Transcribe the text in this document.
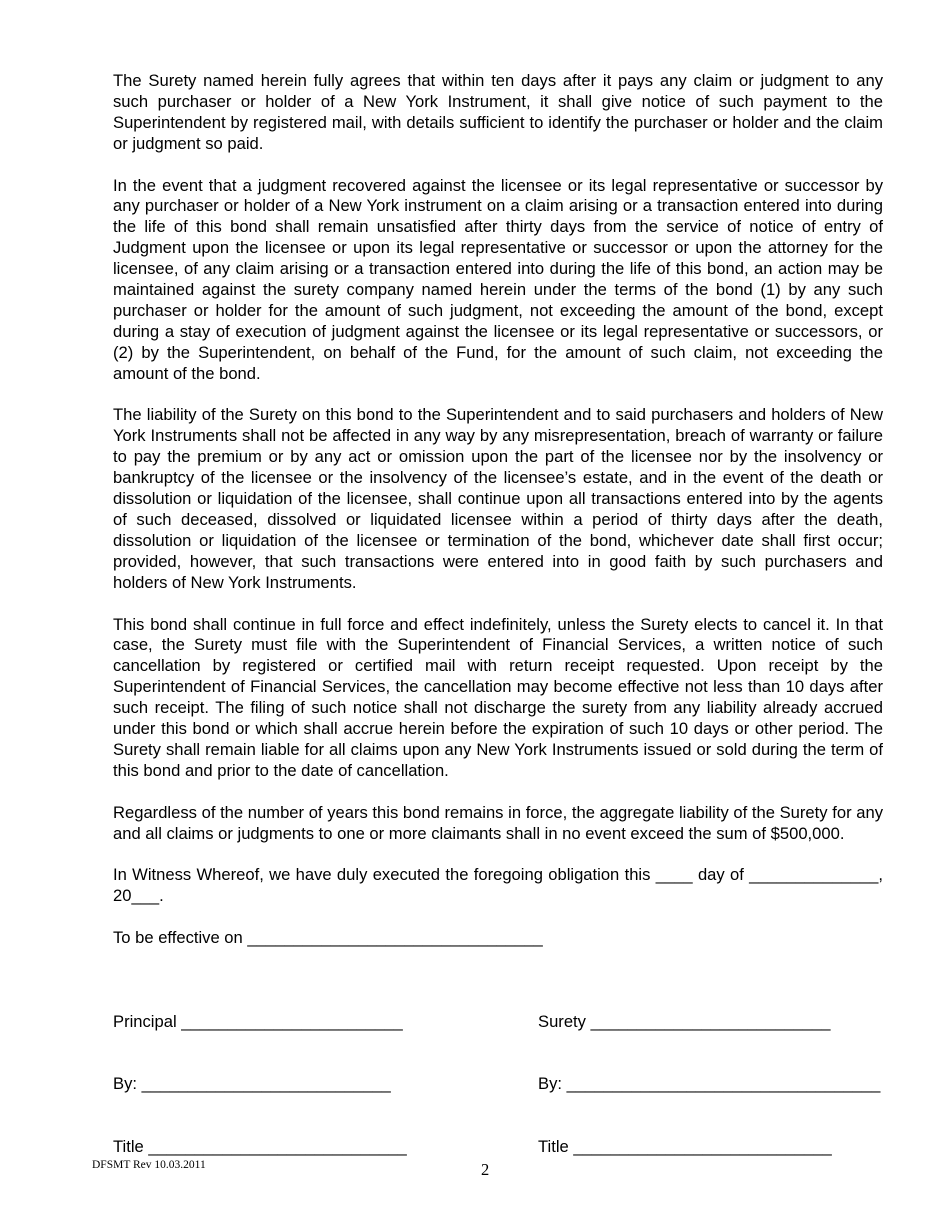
The Surety named herein fully agrees that within ten days after it pays any claim or judgment to any such purchaser or holder of a New York Instrument, it shall give notice of such payment to the Superintendent by registered mail, with details sufficient to identify the purchaser or holder and the claim or judgment so paid.

In the event that a judgment recovered against the licensee or its legal representative or successor by any purchaser or holder of a New York instrument on a claim arising or a transaction entered into during the life of this bond shall remain unsatisfied after thirty days from the service of notice of entry of Judgment upon the licensee or upon its legal representative or successor or upon the attorney for the licensee, of any claim arising or a transaction entered into during the life of this bond, an action may be maintained against the surety company named herein under the terms of the bond (1) by any such purchaser or holder for the amount of such judgment, not exceeding the amount of the bond, except during a stay of execution of judgment against the licensee or its legal representative or successors, or (2) by the Superintendent, on behalf of the Fund, for the amount of such claim, not exceeding the amount of the bond.

The liability of the Surety on this bond to the Superintendent and to said purchasers and holders of New York Instruments shall not be affected in any way by any misrepresentation, breach of warranty or failure to pay the premium or by any act or omission upon the part of the licensee nor by the insolvency or bankruptcy of the licensee or the insolvency of the licensee’s estate, and in the event of the death or dissolution or liquidation of the licensee, shall continue upon all transactions entered into by the agents of such deceased, dissolved or liquidated licensee within a period of thirty days after the death, dissolution or liquidation of the licensee or termination of the bond, whichever date shall first occur; provided, however, that such transactions were entered into in good faith by such purchasers and holders of New York Instruments.

This bond shall continue in full force and effect indefinitely, unless the Surety elects to cancel it. In that case, the Surety must file with the Superintendent of Financial Services, a written notice of such cancellation by registered or certified mail with return receipt requested. Upon receipt by the Superintendent of Financial Services, the cancellation may become effective not less than 10 days after such receipt. The filing of such notice shall not discharge the surety from any liability already accrued under this bond or which shall accrue herein before the expiration of such 10 days or other period. The Surety shall remain liable for all claims upon any New York Instruments issued or sold during the term of this bond and prior to the date of cancellation.

Regardless of the number of years this bond remains in force, the aggregate liability of the Surety for any and all claims or judgments to one or more claimants shall in no event exceed the sum of $500,000.

In Witness Whereof, we have duly executed the foregoing obligation this ____ day of ______________, 20___.

To be effective on ________________________________

Principal ________________________

By: ___________________________

Title ____________________________

Surety __________________________

By: __________________________________

Title ____________________________

DFSMT Rev 10.03.2011	2
